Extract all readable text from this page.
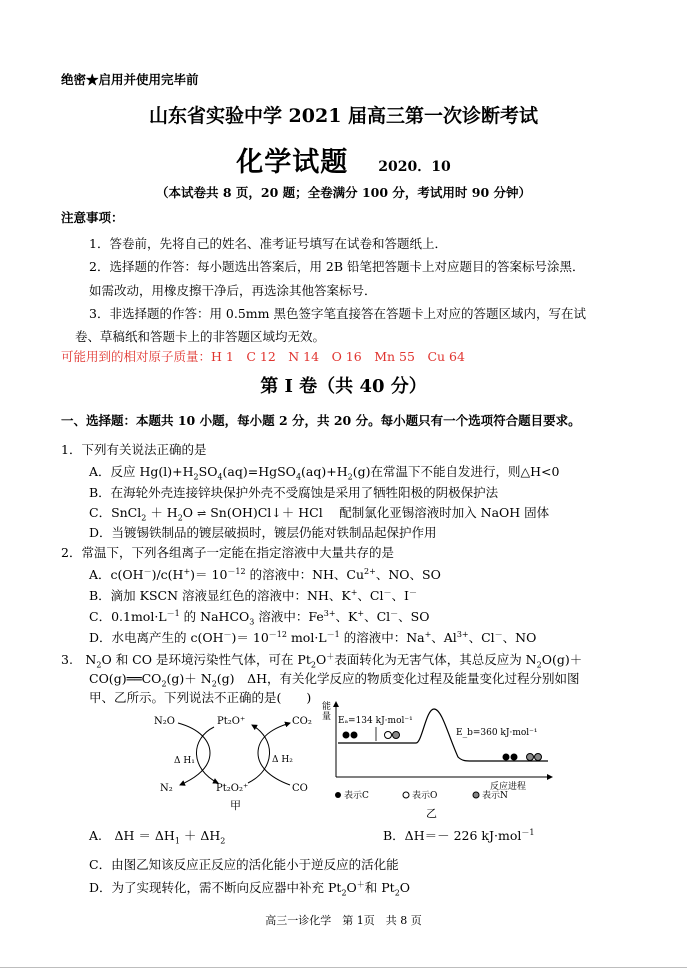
绝密★启用并使用完毕前
山东省实验中学 2021 届高三第一次诊断考试
化学试题 2020．10
（本试卷共 8 页，20 题；全卷满分 100 分，考试用时 90 分钟）
注意事项：
1．答卷前，先将自己的姓名、准考证号填写在试卷和答题纸上．
2．选择题的作答：每小题选出答案后，用 2B 铅笔把答题卡上对应题目的答案标号涂黑．
如需改动，用橡皮擦干净后，再选涂其他答案标号．
3．非选择题的作答：用 0.5mm 黑色签字笔直接答在答题卡上对应的答题区域内，写在试
卷、草稿纸和答题卡上的非答题区域均无效。
可能用到的相对原子质量：H 1　C 12　N 14　O 16　Mn 55　Cu 64
第 I 卷（共 40 分）
一、选择题：本题共 10 小题，每小题 2 分，共 20 分。每小题只有一个选项符合题目要求。
1．下列有关说法正确的是
A．反应 $Hg(l)+H_2SO_4(aq)=HgSO_4(aq)+H_2(g)$在常温下不能自发进行，则△H<0
B．在海轮外壳连接锌块保护外壳不受腐蚀是采用了牺牲阳极的阴极保护法
C．SnCl$_2$ ＋ $H_2O$ ⇌ Sn(OH)Cl↓＋ HCl　 配制氯化亚锡溶液时加入 NaOH 固体
D．当镀锡铁制品的镀层破损时，镀层仍能对铁制品起保护作用
2．常温下，下列各组离子一定能在指定溶液中大量共存的是
A．$c(OH^-)/c(H^+)= 10^{-12}$ 的溶液中：NH、$Cu^{2+}$、NO、SO
B．滴加 KSCN 溶液显红色的溶液中：NH、K+、Cl－、I－
C．$0.1mol\cdot L^{-1}$ 的 NaHCO$_3$ 溶液中：$Fe^{3+}$、K+、Cl－、SO
D．水电离产生的 $c(OH^-)= 10^{-12}$ $mol\cdot L^{-1}$ 的溶液中：Na+、$Al^{3+}$、Cl－、NO
3.　$N_2O$ 和 CO 是环境污染性气体，可在 $Pt_2O^+$表面转化为无害气体，其总反应为 $N_2O(g)+$
$CO(g)══CO_2(g)+ N_2(g)$　ΔH，有关化学反应的物质变化过程及能量变化过程分别如图
甲、乙所示。下列说法不正确的是(　　)
N₂O	Pt₂O⁺	CO₂
Δ H₁	Δ H₂
N₂	Pt₂O₂⁺	CO
甲
能
量 Eₐ=134 kJ·mol⁻¹
E_b=360 kJ·mol⁻¹
反应进程
表示C	表示O	表示N
乙
A.　$\Delta H = \Delta H_1 + \Delta H_2$	B．ΔH＝－ 226 kJ·mol$^{-1}$
C．由图乙知该反应正反应的活化能小于逆反应的活化能
D．为了实现转化，需不断向反应器中补充 $Pt_2O^+$和 $Pt_2O$
高三一诊化学　第 1页　共 8 页
